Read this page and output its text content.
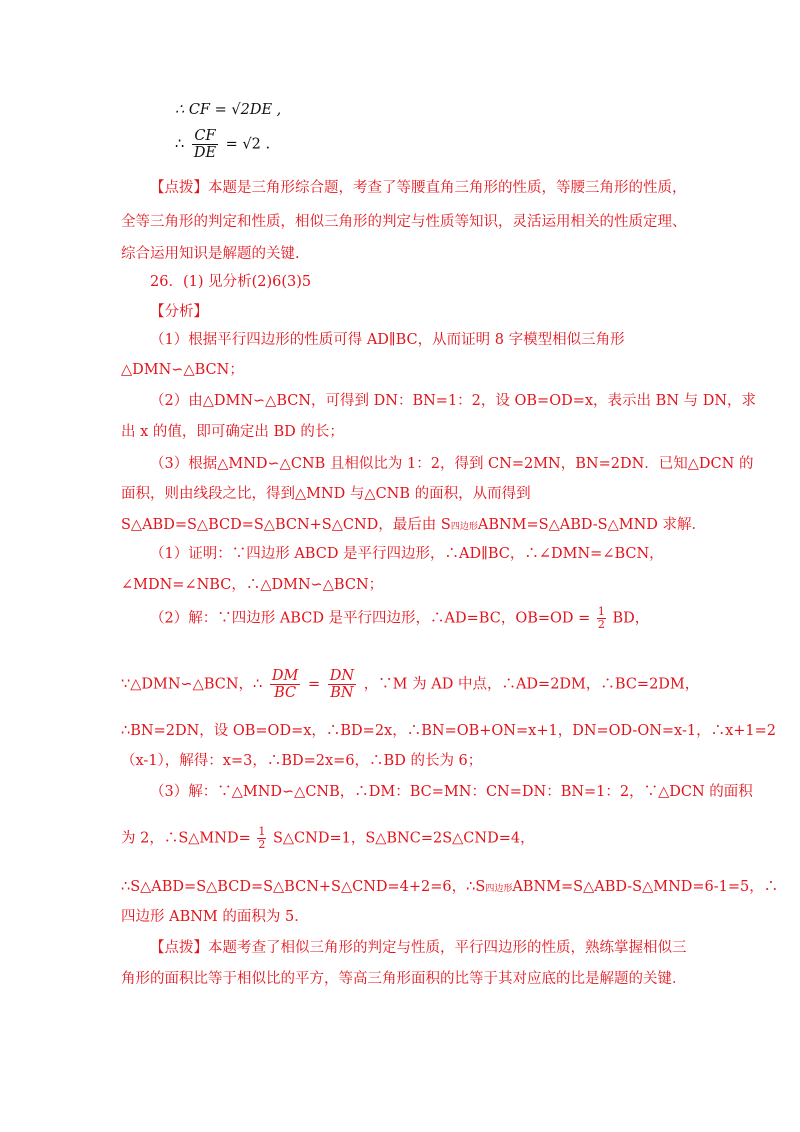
∴ CF = √2DE ,
∴ $\frac{CF}{DE} = √2$ .
【点拨】本题是三角形综合题，考查了等腰直角三角形的性质，等腰三角形的性质，
全等三角形的判定和性质，相似三角形的判定与性质等知识，灵活运用相关的性质定理、
综合运用知识是解题的关键.
26．(1) 见分析(2)6(3)5
【分析】
（1）根据平行四边形的性质可得 AD∥BC，从而证明 8 字模型相似三角形
△DMN∽△BCN；
（2）由△DMN∽△BCN，可得到 DN：BN=1：2，设 OB=OD=x，表示出 BN 与 DN，求
出 x 的值，即可确定出 BD 的长；
（3）根据△MND∽△CNB 且相似比为 1：2，得到 CN=2MN，BN=2DN．已知△DCN 的
面积，则由线段之比，得到△MND 与△CNB 的面积，从而得到
S△ABD=S△BCD=S△BCN+S△CND，最后由 S四边形ABNM=S△ABD-S△MND 求解．
（1）证明：∵四边形 ABCD 是平行四边形，∴AD∥BC，∴∠DMN=∠BCN，
∠MDN=∠NBC，∴△DMN∽△BCN；
（2）解：∵四边形 ABCD 是平行四边形，∴AD=BC，$OB=OD = \frac{1}{2}$ BD，
∵△DMN∽△BCN，∴ $\frac{DM}{BC} = \frac{DN}{BN}$ ，∵M 为 AD 中点，∴AD=2DM，∴BC=2DM，
∴BN=2DN，设 OB=OD=x，∴BD=2x，∴BN=OB+ON=x+1，DN=OD-ON=x-1，∴x+1=2
（x-1），解得：x=3，∴BD=2x=6，∴BD 的长为 6；
（3）解：∵△MND∽△CNB，∴DM：BC=MN：CN=DN：BN=1：2，∵△DCN 的面积
为 2，∴S△MND= $\frac{1}{2}$ S△CND=1，S△BNC=2S△CND=4，
∴S△ABD=S△BCD=S△BCN+S△CND=4+2=6，∴S四边形ABNM=S△ABD-S△MND=6-1=5，∴
四边形 ABNM 的面积为 5．
【点拨】本题考查了相似三角形的判定与性质，平行四边形的性质，熟练掌握相似三
角形的面积比等于相似比的平方，等高三角形面积的比等于其对应底的比是解题的关键．
